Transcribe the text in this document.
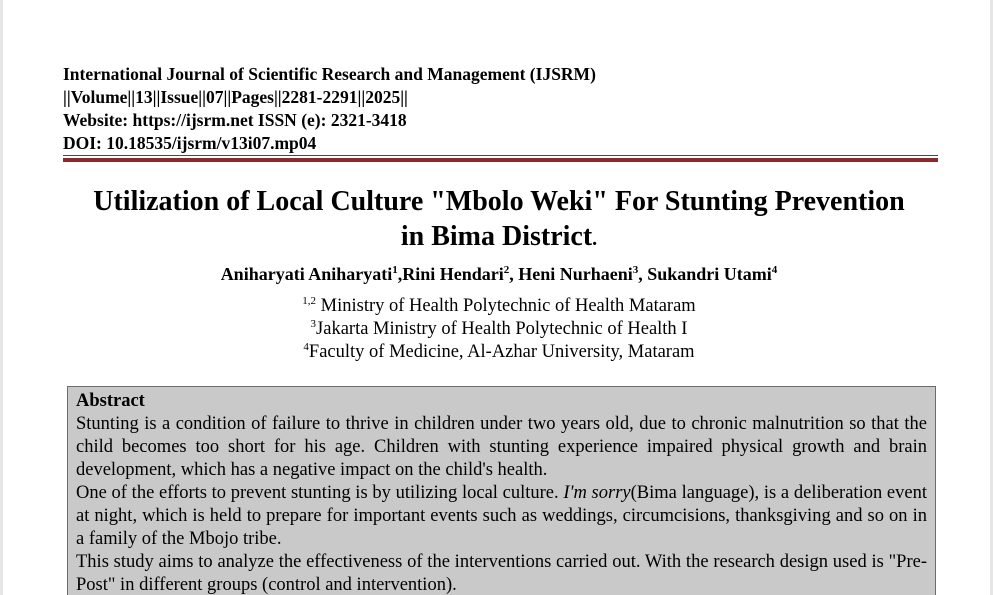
International Journal of Scientific Research and Management (IJSRM)
||Volume||13||Issue||07||Pages||2281-2291||2025||
Website: https://ijsrm.net ISSN (e): 2321-3418
DOI: 10.18535/ijsrm/v13i07.mp04
Utilization of Local Culture "Mbolo Weki" For Stunting Prevention
in Bima District.
Aniharyati Aniharyati$^1$,Rini Hendari$^2$, Heni Nurhaeni$^3$, Sukandri Utami$^4$
$^{1,2}$ Ministry of Health Polytechnic of Health Mataram
$^3$Jakarta Ministry of Health Polytechnic of Health I
$^4$Faculty of Medicine, Al-Azhar University, Mataram
Abstract

Stunting is a condition of failure to thrive in children under two years old, due to chronic malnutrition so that the child becomes too short for his age. Children with stunting experience impaired physical growth and brain development, which has a negative impact on the child's health.

One of the efforts to prevent stunting is by utilizing local culture. I'm sorry(Bima language), is a deliberation event at night, which is held to prepare for important events such as weddings, circumcisions, thanksgiving and so on in a family of the Mbojo tribe.

This study aims to analyze the effectiveness of the interventions carried out. With the research design used is "Pre-Post" in different groups (control and intervention).
